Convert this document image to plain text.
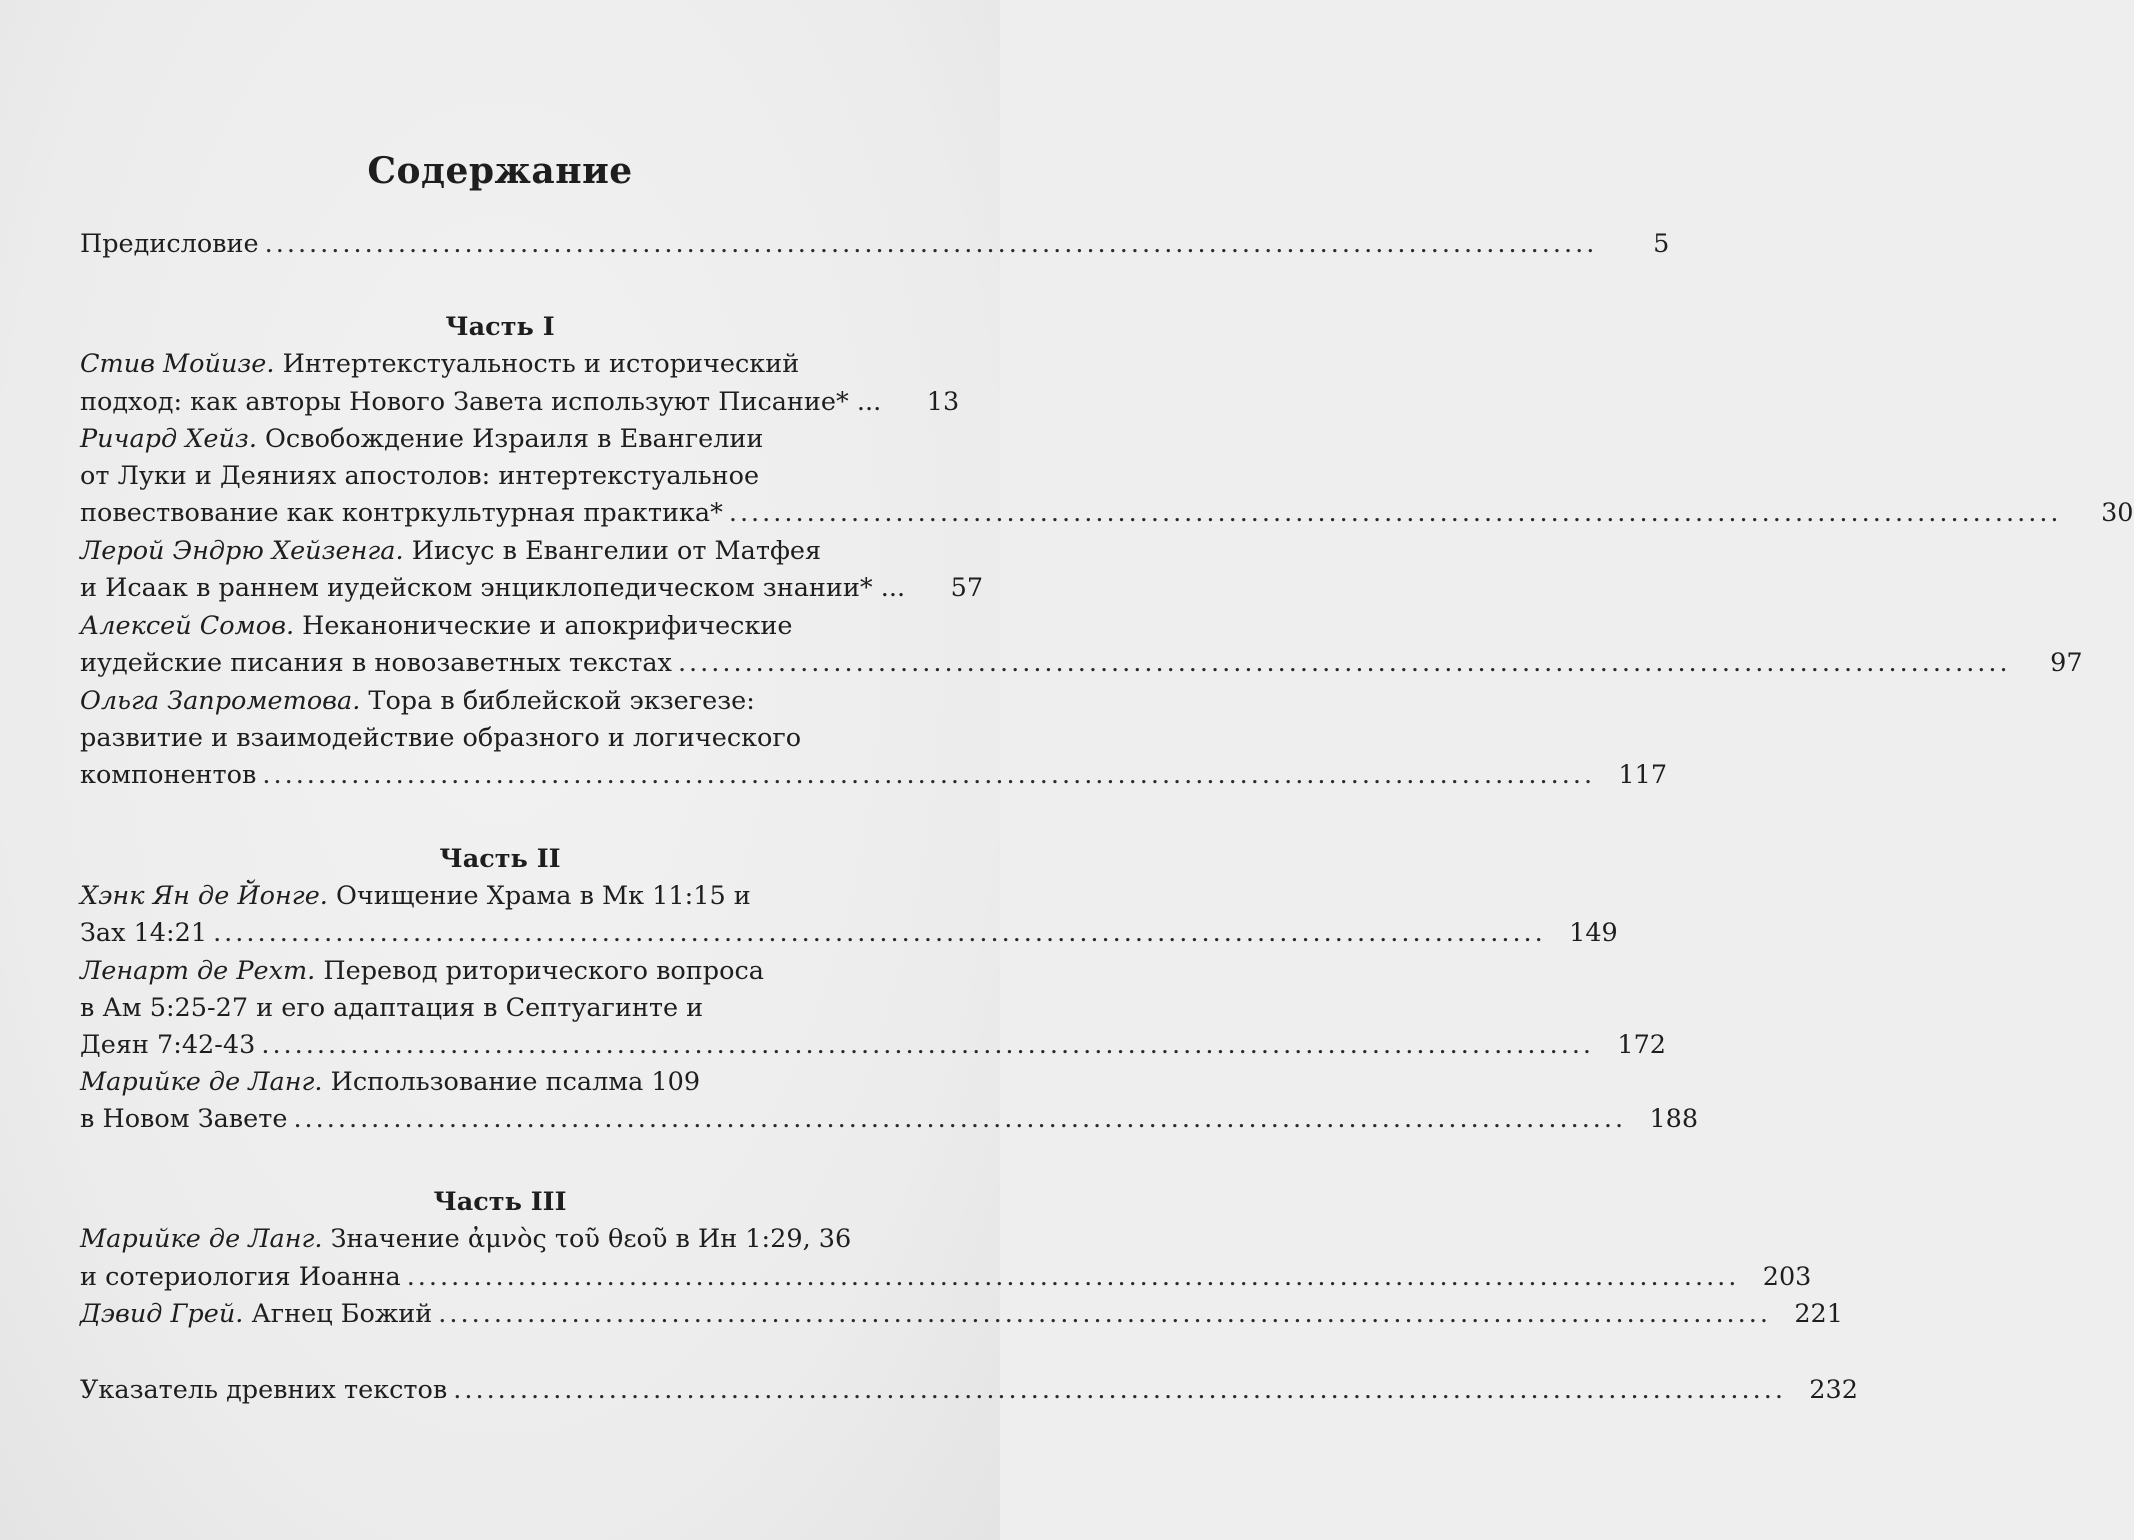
Содержание
Предисловие ........................................................................................................................	5
Часть I
Стив Мойизе. Интертекстуальность и исторический
подход: как авторы Нового Завета используют Писание* ...	13
Ричард Хейз. Освобождение Израиля в Евангелии
от Луки и Деяниях апостолов: интертекстуальное
повествование как контркультурная практика* ........................................................................................................................	30
Лерой Эндрю Хейзенга. Иисус в Евангелии от Матфея
и Исаак в раннем иудейском энциклопедическом знании* ...	57
Алексей Сомов. Неканонические и апокрифические
иудейские писания в новозаветных текстах ........................................................................................................................	97
Ольга Запрометова. Тора в библейской экзегезе:
развитие и взаимодействие образного и логического
компонентов ........................................................................................................................ 117
Часть II
Хэнк Ян де Йонге. Очищение Храма в Мк 11:15 и
Зах 14:21 ........................................................................................................................ 149
Ленарт де Рехт. Перевод риторического вопроса
в Ам 5:25-27 и его адаптация в Септуагинте и
Деян 7:42-43 ........................................................................................................................ 172
Марийке де Ланг. Использование псалма 109
в Новом Завете ........................................................................................................................ 188
Часть III
Марийке де Ланг. Значение ἀμνὸς τοῦ θεοῦ в Ин 1:29, 36
и сотериология Иоанна ........................................................................................................................ 203
Дэвид Грей. Агнец Божий ........................................................................................................................ 221
Указатель древних текстов ........................................................................................................................ 232
